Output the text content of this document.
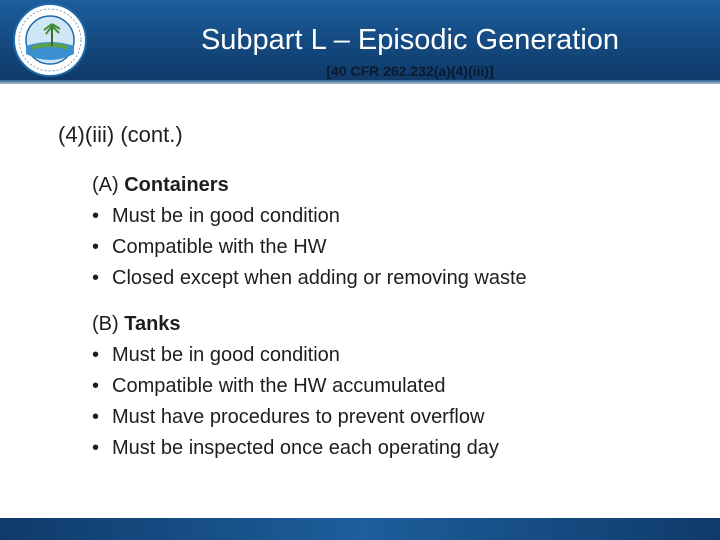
Subpart L – Episodic Generation
[40 CFR 262.232(a)(4)(iii)]
(4)(iii) (cont.)
(A) Containers
• Must be in good condition
• Compatible with the HW
• Closed except when adding or removing waste
(B) Tanks
• Must be in good condition
• Compatible with the HW accumulated
• Must have procedures to prevent overflow
• Must be inspected once each operating day
